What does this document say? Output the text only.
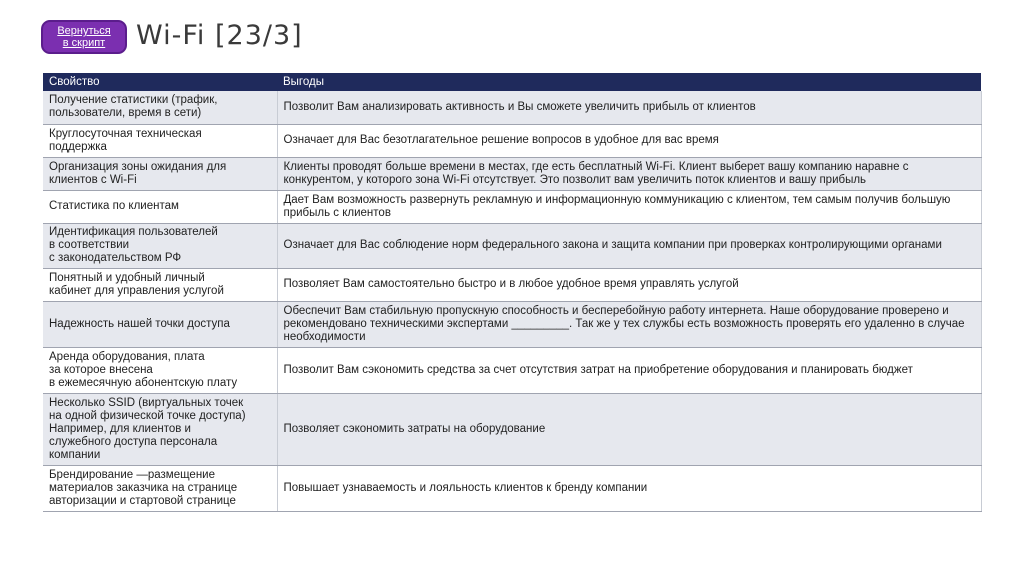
Вернуться
в скрипт Wi-Fi [23/3]
Свойство	Выгоды
Получение статистики (трафик,
пользователи, время в сети)	Позволит Вам анализировать активность и Вы сможете увеличить прибыль от клиентов
Круглосуточная техническая
поддержка	Означает для Вас безотлагательное решение вопросов в удобное для вас время
Организация зоны ожидания для
клиентов с Wi-Fi	Клиенты проводят больше времени в местах, где есть бесплатный Wi-Fi. Клиент выберет вашу компанию наравне с конкурентом, у которого зона Wi-Fi отсутствует. Это позволит вам увеличить поток клиентов и вашу прибыль
Статистика по клиентам	Дает Вам возможность развернуть рекламную и информационную коммуникацию с клиентом, тем самым получив большую прибыль с клиентов
Идентификация пользователей
в соответствии
с законодательством РФ	Означает для Вас соблюдение норм федерального закона и защита компании при проверках контролирующими органами
Понятный и удобный личный
кабинет для управления услугой	Позволяет Вам самостоятельно быстро и в любое удобное время управлять услугой
Надежность нашей точки доступа	Обеспечит Вам стабильную пропускную способность и бесперебойную работу интернета. Наше оборудование проверено и рекомендовано техническими экспертами _________. Так же у тех службы есть возможность проверять его удаленно в случае необходимости
Аренда оборудования, плата
за которое внесена
в ежемесячную абонентскую плату	Позволит Вам сэкономить средства за счет отсутствия затрат на приобретение оборудования и планировать бюджет
Несколько SSID (виртуальных точек
на одной физической точке доступа)
Например, для клиентов и
служебного доступа персонала
компании	Позволяет сэкономить затраты на оборудование
Брендирование —размещение
материалов заказчика на странице
авторизации и стартовой странице	Повышает узнаваемость и лояльность клиентов к бренду компании
